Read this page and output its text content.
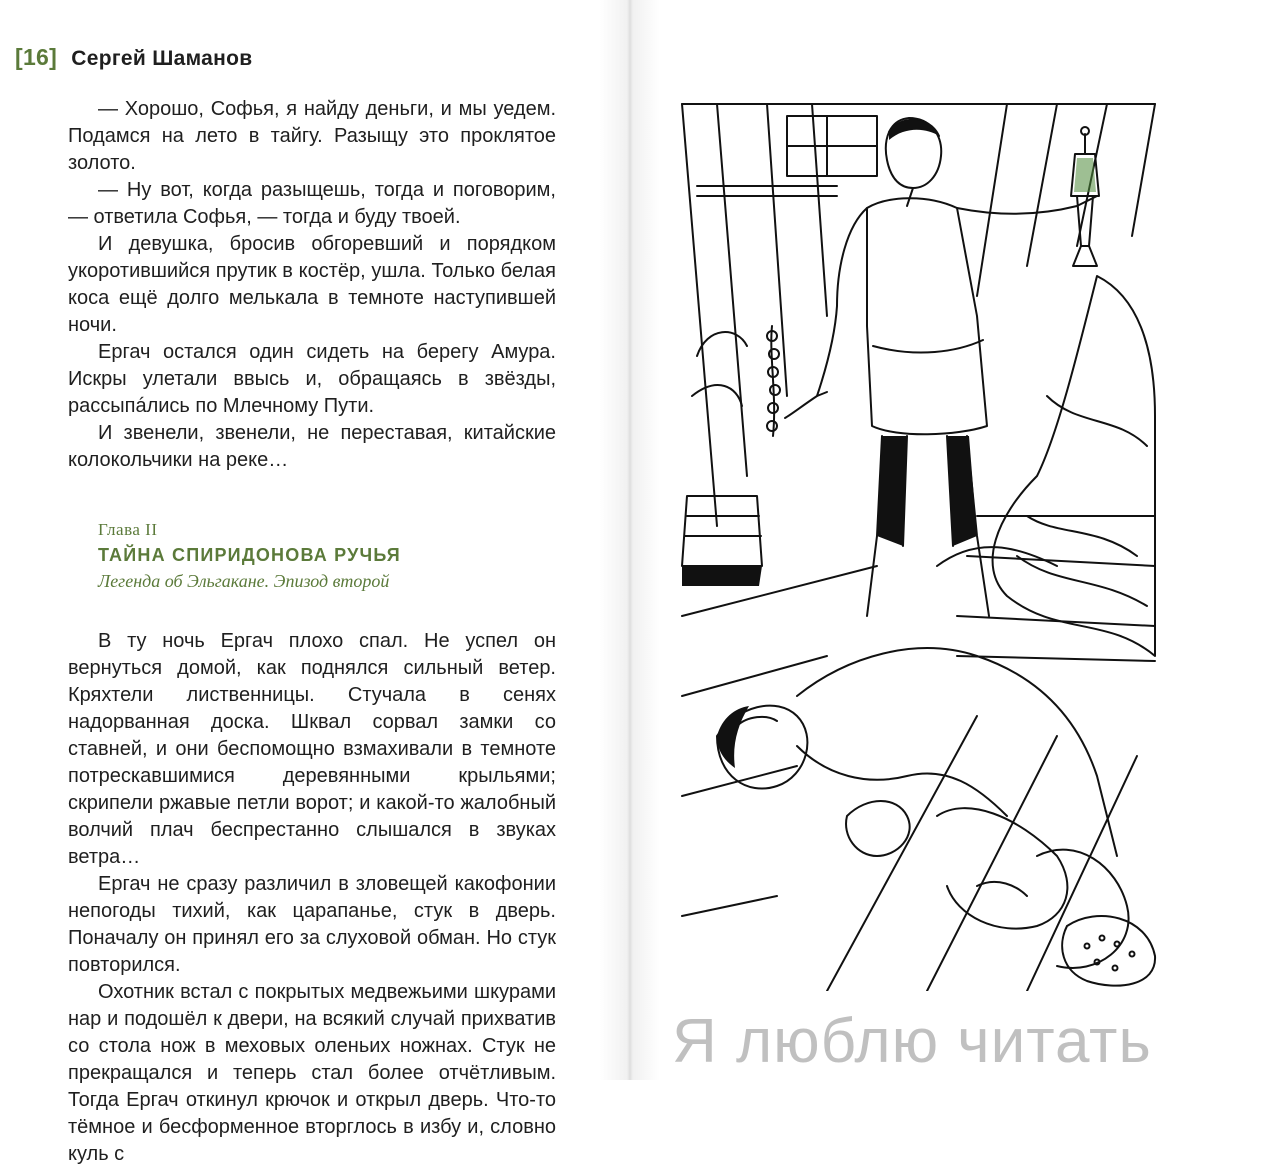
[16] Сергей Шаманов

— Хорошо, Софья, я найду деньги, и мы уедем. Подамся на лето в тайгу. Разыщу это проклятое золото.

— Ну вот, когда разыщешь, тогда и поговорим, — ответила Софья, — тогда и буду твоей.

И девушка, бросив обгоревший и порядком укоротившийся прутик в костёр, ушла. Только белая коса ещё долго мелькала в темноте наступившей ночи.

Ергач остался один сидеть на берегу Амура. Искры улетали ввысь и, обращаясь в звёзды, рассыпáлись по Млечному Пути.

И звенели, звенели, не переставая, китайские колокольчики на реке…

Глава II
ТАЙНА СПИРИДОНОВА РУЧЬЯ
Легенда об Эльгакане. Эпизод второй

В ту ночь Ергач плохо спал. Не успел он вернуться домой, как поднялся сильный ветер. Кряхтели лиственницы. Стучала в сенях надорванная доска. Шквал сорвал замки со ставней, и они беспомощно взмахивали в темноте потрескавшимися деревянными крыльями; скрипели ржавые петли ворот; и какой-то жалобный волчий плач беспрестанно слышался в звуках ветра…

Ергач не сразу различил в зловещей какофонии непогоды тихий, как царапанье, стук в дверь. Поначалу он принял его за слуховой обман. Но стук повторился.

Охотник встал с покрытых медвежьими шкурами нар и подошёл к двери, на всякий случай прихватив со стола нож в меховых оленьих ножнах. Стук не прекращался и теперь стал более отчётливым. Тогда Ергач откинул крючок и открыл дверь. Что-то тёмное и бесформенное вторглось в избу и, словно куль с

Я люблю читать
